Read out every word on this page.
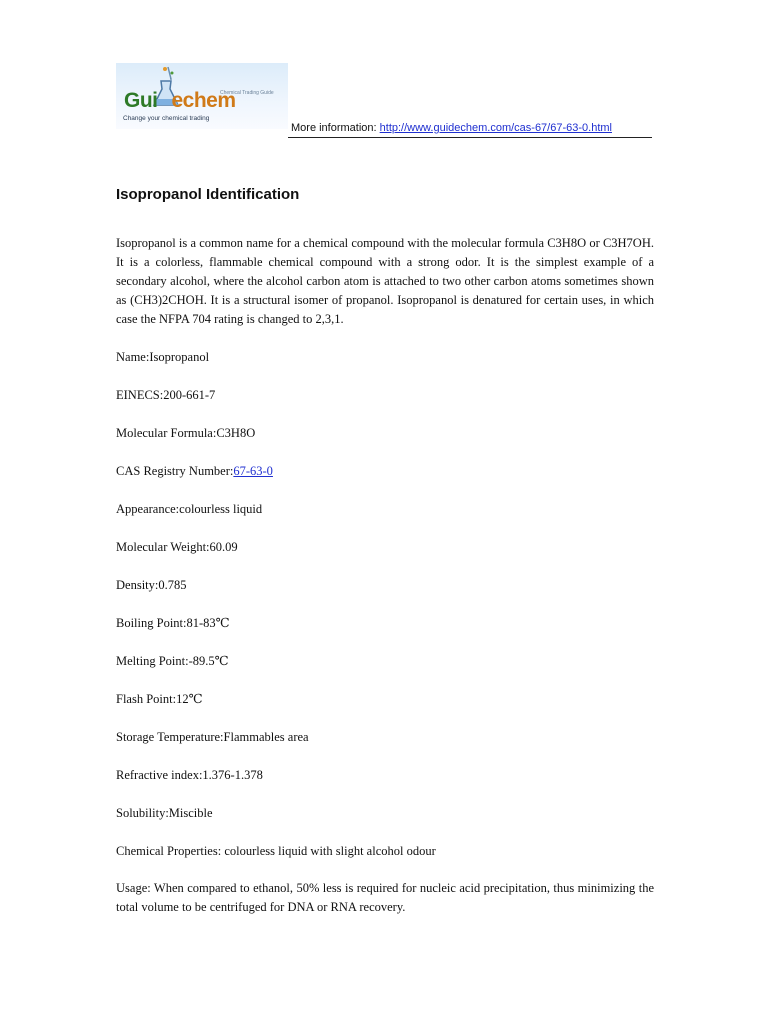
Gui echem
Chemical Trading Guide
Change your chemical trading
More information: http://www.guidechem.com/cas-67/67-63-0.html
Isopropanol Identification

Isopropanol is a common name for a chemical compound with the molecular formula C3H8O or C3H7OH. It is a colorless, flammable chemical compound with a strong odor. It is the simplest example of a secondary alcohol, where the alcohol carbon atom is attached to two other carbon atoms sometimes shown as (CH3)2CHOH. It is a structural isomer of propanol. Isopropanol is denatured for certain uses, in which case the NFPA 704 rating is changed to 2,3,1.

Name:Isopropanol
EINECS:200-661-7
Molecular Formula:C3H8O
CAS Registry Number:67-63-0
Appearance:colourless liquid
Molecular Weight:60.09
Density:0.785
Boiling Point:81-83℃
Melting Point:-89.5℃
Flash Point:12℃
Storage Temperature:Flammables area
Refractive index:1.376-1.378
Solubility:Miscible
Chemical Properties: colourless liquid with slight alcohol odour

Usage: When compared to ethanol, 50% less is required for nucleic acid precipitation, thus minimizing the total volume to be centrifuged for DNA or RNA recovery.
